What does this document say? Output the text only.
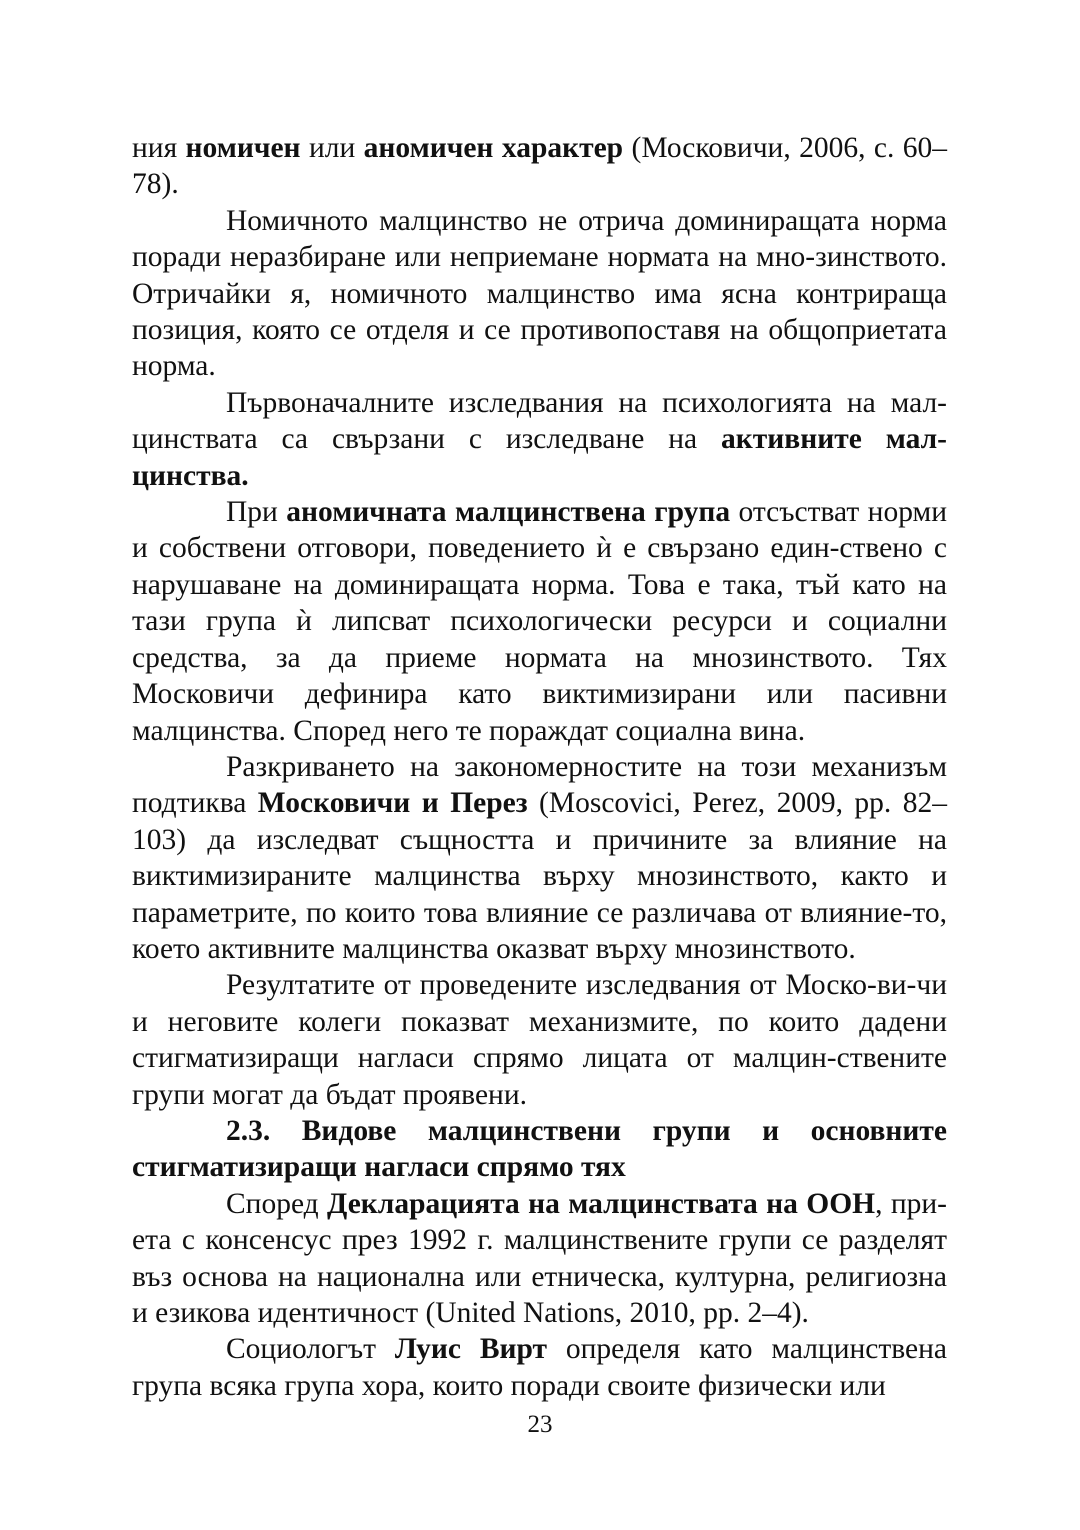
ния номичен или аномичен характер (Московичи, 2006, с. 60–78).

Номичното малцинство не отрича доминиращата норма поради неразбиране или неприемане нормата на мно-зинството. Отричайки я, номичното малцинство има ясна контрираща позиция, която се отделя и се противопоставя на общоприетата норма.

Първоначалните изследвания на психологията на мал-цинствата са свързани с изследване на активните мал-цинства.

При аномичната малцинствена група отсъстват норми и собствени отговори, поведението ѝ е свързано един-ствено с нарушаване на доминиращата норма. Това е така, тъй като на тази група ѝ липсват психологически ресурси и социални средства, за да приеме нормата на мнозинството. Тях Московичи дефинира като виктимизирани или пасивни малцинства. Според него те пораждат социална вина.

Разкриването на закономерностите на този механизъм подтиква Московичи и Перез (Moscovici, Perez, 2009, pp. 82–103) да изследват същността и причините за влияние на виктимизираните малцинства върху мнозинството, както и параметрите, по които това влияние се различава от влияние-то, което активните малцинства оказват върху мнозинството.

Резултатите от проведените изследвания от Моско-ви-чи и неговите колеги показват механизмите, по които дадени стигматизиращи нагласи спрямо лицата от малцин-ствените групи могат да бъдат проявени.

2.3. Видове малцинствени групи и основните стигматизиращи нагласи спрямо тях

Според Декларацията на малцинствата на ООН, при-ета с консенсус през 1992 г. малцинствените групи се разделят въз основа на национална или етническа, културна, религиозна и езикова идентичност (United Nations, 2010, pp. 2–4).

Социологът Луис Вирт определя като малцинствена група всяка група хора, които поради своите физически или

23
